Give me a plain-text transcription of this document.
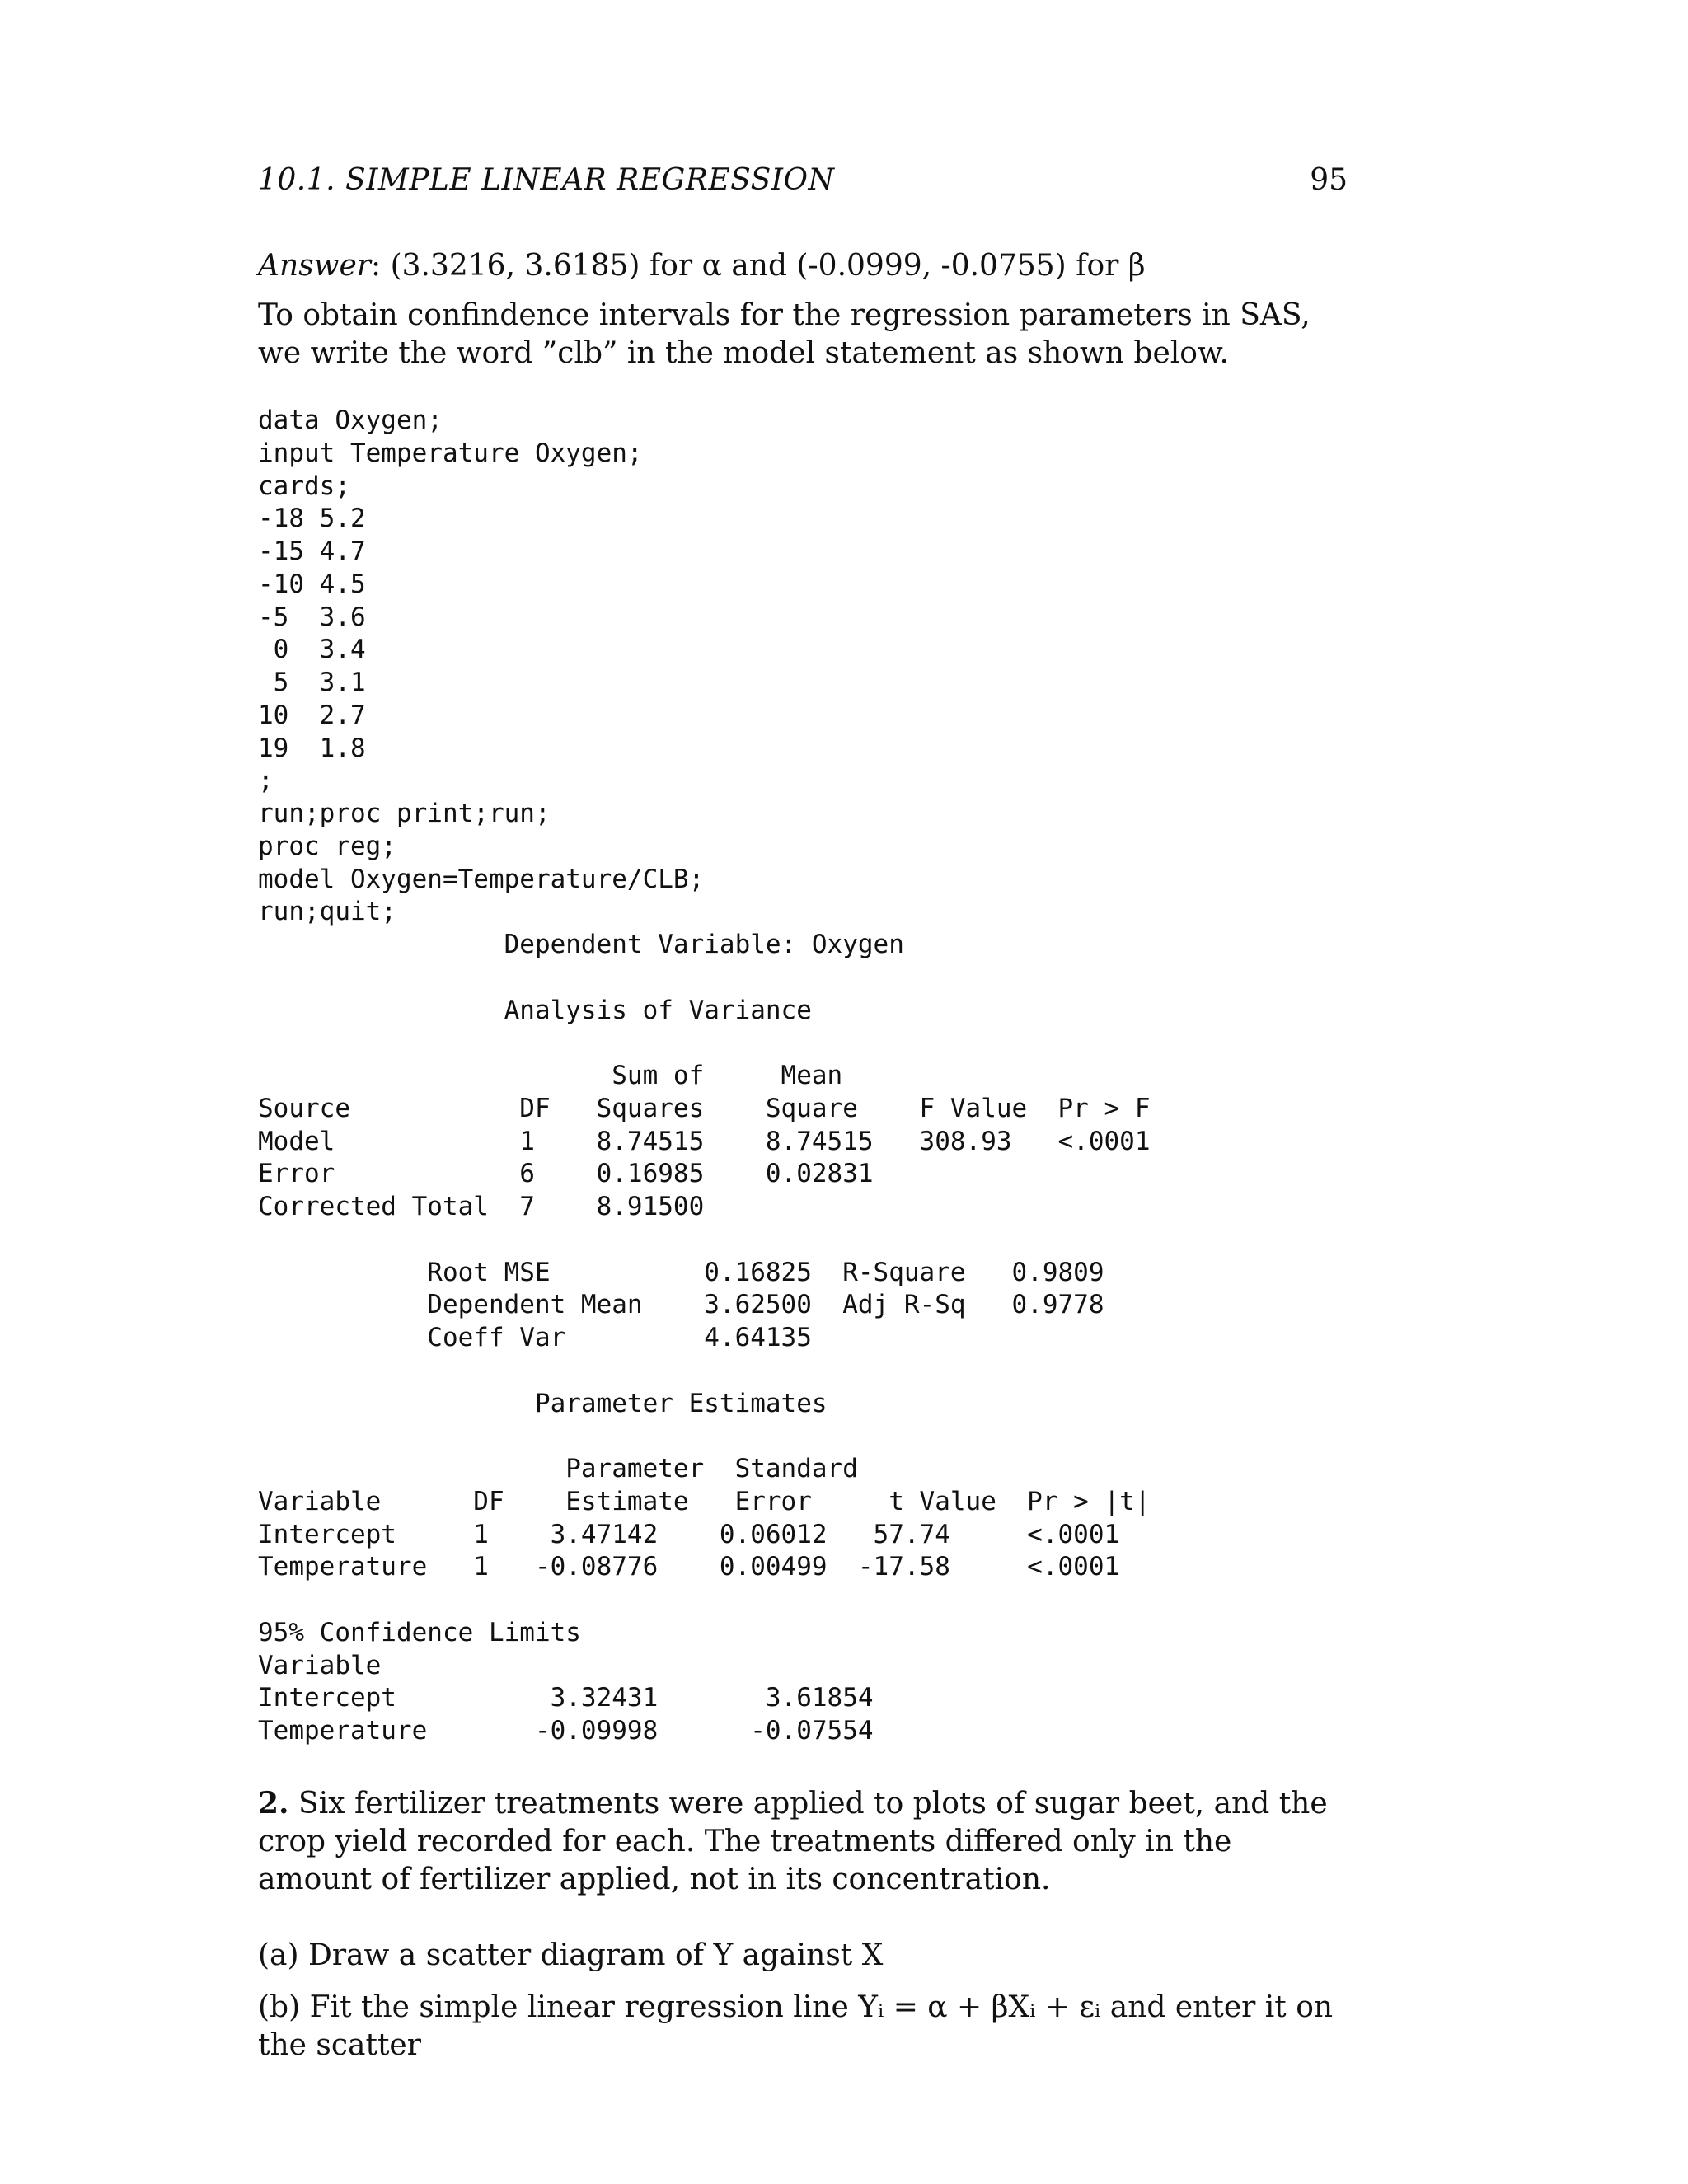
10.1. SIMPLE LINEAR REGRESSION	95
Answer: (3.3216, 3.6185) for α and (-0.0999, -0.0755) for β
To obtain confindence intervals for the regression parameters in SAS, we write the word ”clb” in the model statement as shown below.
data Oxygen;
input Temperature Oxygen;
cards;
-18 5.2
-15 4.7
-10 4.5
-5  3.6
0  3.4
5  3.1
10  2.7
19  1.8
;
run;proc print;run;
proc reg;
model Oxygen=Temperature/CLB;
run;quit;
Dependent Variable: Oxygen
Analysis of Variance
Sum of     Mean
Source           DF   Squares    Square    F Value  Pr > F
Model            1    8.74515    8.74515   308.93   <.0001
Error            6    0.16985    0.02831
Corrected Total  7    8.91500
Root MSE          0.16825  R-Square   0.9809
Dependent Mean    3.62500  Adj R-Sq   0.9778
Coeff Var         4.64135
Parameter Estimates
Parameter  Standard
Variable      DF    Estimate   Error     t Value  Pr > |t|
Intercept     1    3.47142    0.06012   57.74     <.0001
Temperature   1   -0.08776    0.00499  -17.58     <.0001
95% Confidence Limits
Variable
Intercept          3.32431       3.61854
Temperature       -0.09998      -0.07554
2. Six fertilizer treatments were applied to plots of sugar beet, and the crop yield recorded for each. The treatments differed only in the amount of fertilizer applied, not in its concentration.
(a) Draw a scatter diagram of Y against X
(b) Fit the simple linear regression line Yᵢ = α + βXᵢ + εᵢ and enter it on the scatter
